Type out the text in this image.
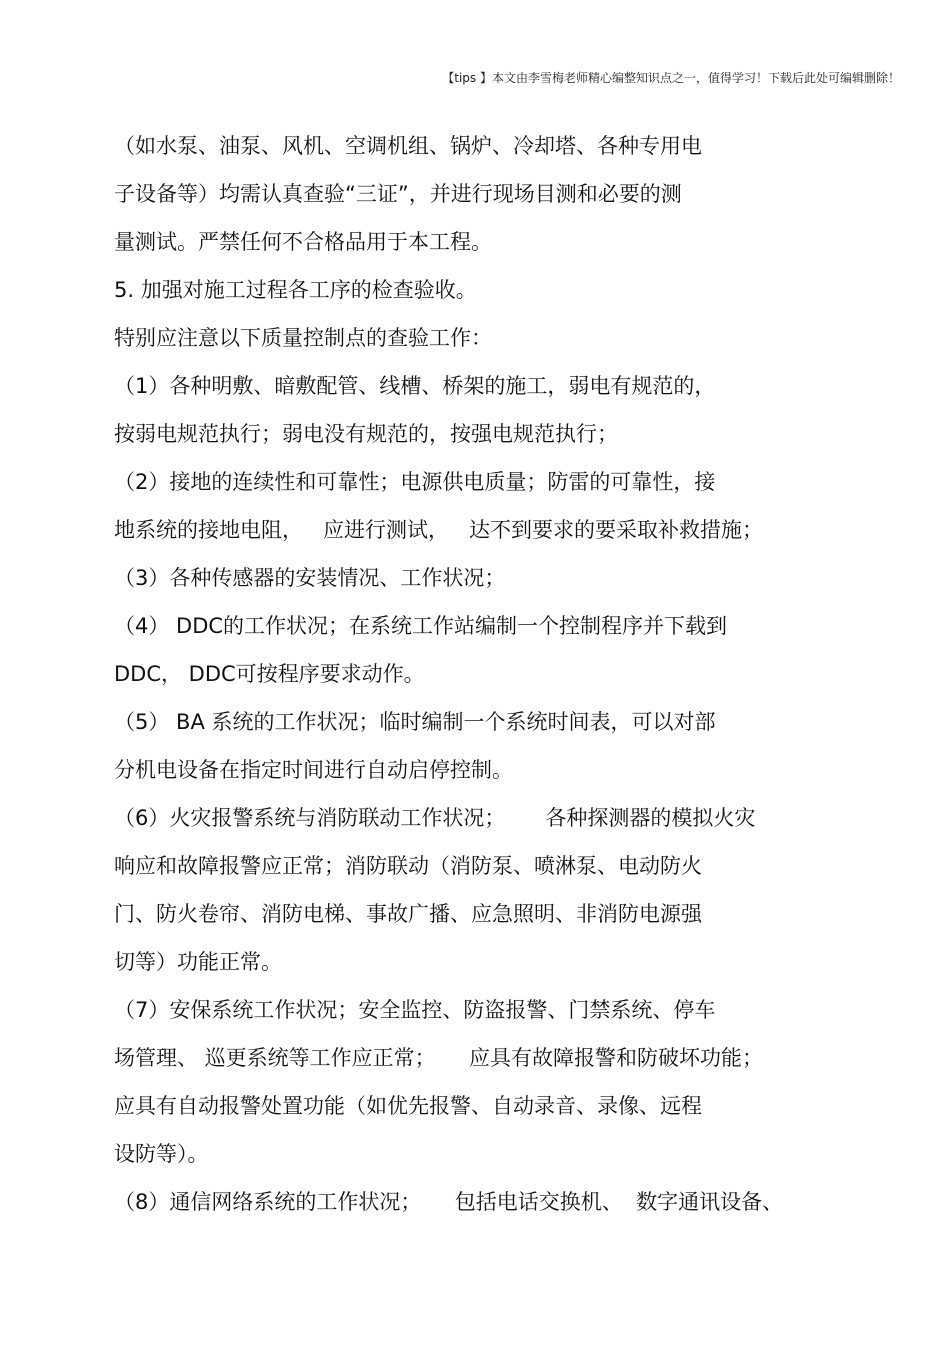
【tips 】本文由李雪梅老师精心编整知识点之一，值得学习！下载后此处可编辑删除！
（如水泵、油泵、风机、空调机组、锅炉、冷却塔、各种专用电
子设备等）均需认真查验“三证”，并进行现场目测和必要的测
量测试。严禁任何不合格品用于本工程。
5. 加强对施工过程各工序的检查验收。
特别应注意以下质量控制点的查验工作：
（1）各种明敷、暗敷配管、线槽、桥架的施工，弱电有规范的，
按弱电规范执行；弱电没有规范的，按强电规范执行；
（2）接地的连续性和可靠性；电源供电质量；防雷的可靠性，接
地系统的接地电阻，   应进行测试，   达不到要求的要采取补救措施；
（3）各种传感器的安装情况、工作状况；
（4） DDC的工作状况；在系统工作站编制一个控制程序并下载到
DDC， DDC可按程序要求动作。
（5） BA 系统的工作状况；临时编制一个系统时间表，可以对部
分机电设备在指定时间进行自动启停控制。
（6）火灾报警系统与消防联动工作状况；      各种探测器的模拟火灾
响应和故障报警应正常；消防联动（消防泵、喷淋泵、电动防火
门、防火卷帘、消防电梯、事故广播、应急照明、非消防电源强
切等）功能正常。
（7）安保系统工作状况；安全监控、防盗报警、门禁系统、停车
场管理、 巡更系统等工作应正常；     应具有故障报警和防破坏功能；
应具有自动报警处置功能（如优先报警、自动录音、录像、远程
设防等）。
（8）通信网络系统的工作状况；     包括电话交换机、  数字通讯设备、
